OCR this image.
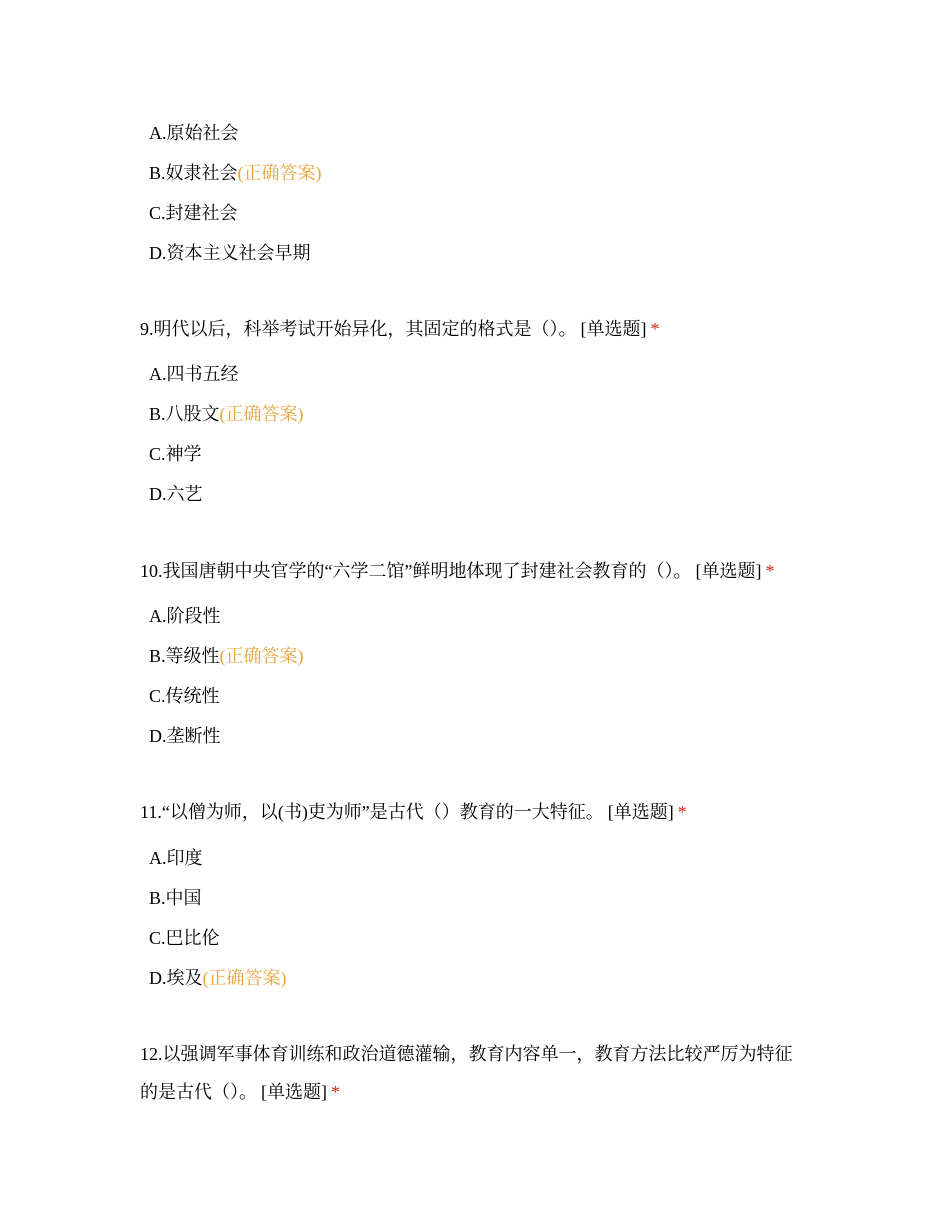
A.原始社会
B.奴隶社会(正确答案)
C.封建社会
D.资本主义社会早期
9.明代以后，科举考试开始异化，其固定的格式是（）。 [单选题] *
A.四书五经
B.八股文(正确答案)
C.神学
D.六艺
10.我国唐朝中央官学的“六学二馆”鲜明地体现了封建社会教育的（）。 [单选题] *
A.阶段性
B.等级性(正确答案)
C.传统性
D.垄断性
11.“以僧为师，以(书)吏为师”是古代（）教育的一大特征。 [单选题] *
A.印度
B.中国
C.巴比伦
D.埃及(正确答案)
12.以强调军事体育训练和政治道德灌输，教育内容单一，教育方法比较严厉为特征的是古代（）。 [单选题] *
